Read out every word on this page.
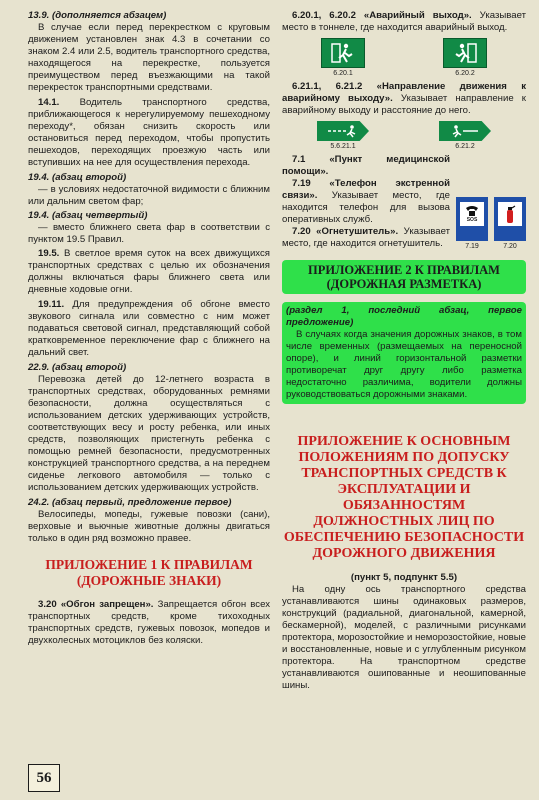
13.9. (дополняется абзацем)

В случае если перед перекрестком с круговым движением установлен знак 4.3 в сочетании со знаком 2.4 или 2.5, водитель транспортного средства, находящегося на перекрестке, пользуется преимуществом перед въезжающими на такой перекресток транспортными средствами.

14.1. Водитель транспортного средства, приближающегося к нерегулируемому пешеходному переходу*, обязан снизить скорость или остановиться перед переходом, чтобы пропустить пешеходов, переходящих проезжую часть или вступивших на нее для осуществления перехода.

19.4. (абзац второй)

— в условиях недостаточной видимости с ближним или дальним светом фар;

19.4. (абзац четвертый)

— вместо ближнего света фар в соответствии с пунктом 19.5 Правил.

19.5. В светлое время суток на всех движущихся транспортных средствах с целью их обозначения должны включаться фары ближнего света или дневные ходовые огни.

19.11. Для предупреждения об обгоне вместо звукового сигнала или совместно с ним может подаваться световой сигнал, представляющий собой кратковременное переключение фар с ближнего на дальний свет.

22.9. (абзац второй)

Перевозка детей до 12-летнего возраста в транспортных средствах, оборудованных ремнями безопасности, должна осуществляться с использованием детских удерживающих устройств, соответствующих весу и росту ребенка, или иных средств, позволяющих пристегнуть ребенка с помощью ремней безопасности, предусмотренных конструкцией транспортного средства, а на переднем сиденье легкового автомобиля — только с использованием детских удерживающих устройств.

24.2. (абзац первый, предложение первое)

Велосипеды, мопеды, гужевые повозки (сани), верховые и вьючные животные должны двигаться только в один ряд возможно правее.

ПРИЛОЖЕНИЕ 1 К ПРАВИЛАМ (ДОРОЖНЫЕ ЗНАКИ)

3.20 «Обгон запрещен». Запрещается обгон всех транспортных средств, кроме тихоходных транспортных средств, гужевых повозок, мопедов и двухколесных мотоциклов без коляски.

6.20.1, 6.20.2 «Аварийный выход». Указывает место в тоннеле, где находится аварийный выход.

6.20.1	6.20.2

6.21.1, 6.21.2 «Направление движения к аварийному выходу». Указывает направление к аварийному выходу и расстояние до него.

5.6.21.1	6.21.2

7.1 «Пункт медицинской помощи».

7.19 «Телефон экстренной связи». Указывает место, где находится телефон для вызова оперативных служб.

7.20 «Огнетушитель». Указывает место, где находится огнетушитель.

SOS
7.19	7.20
ПРИЛОЖЕНИЕ 2 К ПРАВИЛАМ (ДОРОЖНАЯ РАЗМЕТКА)

(раздел 1, последний абзац, первое предложение)

В случаях когда значения дорожных знаков, в том числе временных (размещаемых на переносной опоре), и линий горизонтальной разметки противоречат друг другу либо разметка недостаточно различима, водители должны руководствоваться дорожными знаками.

ПРИЛОЖЕНИЕ К ОСНОВНЫМ ПОЛОЖЕНИЯМ ПО ДОПУСКУ ТРАНСПОРТНЫХ СРЕДСТВ К ЭКСПЛУАТАЦИИ И ОБЯЗАННОСТЯМ ДОЛЖНОСТНЫХ ЛИЦ ПО ОБЕСПЕЧЕНИЮ БЕЗОПАСНОСТИ ДОРОЖНОГО ДВИЖЕНИЯ

(пункт 5, подпункт 5.5)

На одну ось транспортного средства устанавливаются шины одинаковых размеров, конструкций (радиальной, диагональной, камерной, бескамерной), моделей, с различными рисунками протектора, морозостойкие и неморозостойкие, новые и восстановленные, новые и с углубленным рисунком протектора. На транспортном средстве устанавливаются ошипованные и неошипованные шины.

56
